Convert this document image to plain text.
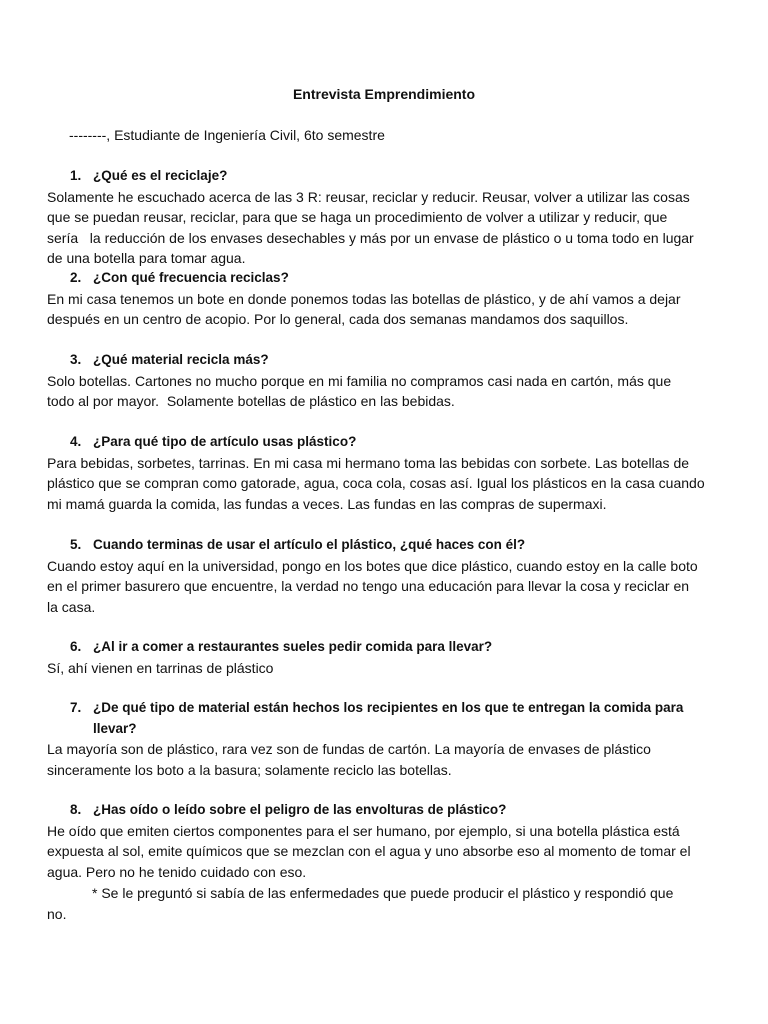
Entrevista Emprendimiento
--------, Estudiante de Ingeniería Civil, 6to semestre
1. ¿Qué es el reciclaje?
Solamente he escuchado acerca de las 3 R: reusar, reciclar y reducir. Reusar, volver a utilizar las cosas
que se puedan reusar, reciclar, para que se haga un procedimiento de volver a utilizar y reducir, que
sería   la reducción de los envases desechables y más por un envase de plástico o u toma todo en lugar
de una botella para tomar agua.
2. ¿Con qué frecuencia reciclas?
En mi casa tenemos un bote en donde ponemos todas las botellas de plástico, y de ahí vamos a dejar
después en un centro de acopio. Por lo general, cada dos semanas mandamos dos saquillos.
3. ¿Qué material recicla más?
Solo botellas. Cartones no mucho porque en mi familia no compramos casi nada en cartón, más que
todo al por mayor.  Solamente botellas de plástico en las bebidas.
4. ¿Para qué tipo de artículo usas plástico?
Para bebidas, sorbetes, tarrinas. En mi casa mi hermano toma las bebidas con sorbete. Las botellas de
plástico que se compran como gatorade, agua, coca cola, cosas así. Igual los plásticos en la casa cuando
mi mamá guarda la comida, las fundas a veces. Las fundas en las compras de supermaxi.
5. Cuando terminas de usar el artículo el plástico, ¿qué haces con él?
Cuando estoy aquí en la universidad, pongo en los botes que dice plástico, cuando estoy en la calle boto
en el primer basurero que encuentre, la verdad no tengo una educación para llevar la cosa y reciclar en
la casa.
6. ¿Al ir a comer a restaurantes sueles pedir comida para llevar?
Sí, ahí vienen en tarrinas de plástico
7. ¿De qué tipo de material están hechos los recipientes en los que te entregan la comida para
llevar?
La mayoría son de plástico, rara vez son de fundas de cartón. La mayoría de envases de plástico
sinceramente los boto a la basura; solamente reciclo las botellas.
8. ¿Has oído o leído sobre el peligro de las envolturas de plástico?
He oído que emiten ciertos componentes para el ser humano, por ejemplo, si una botella plástica está
expuesta al sol, emite químicos que se mezclan con el agua y uno absorbe eso al momento de tomar el
agua. Pero no he tenido cuidado con eso.
* Se le preguntó si sabía de las enfermedades que puede producir el plástico y respondió que
no.
